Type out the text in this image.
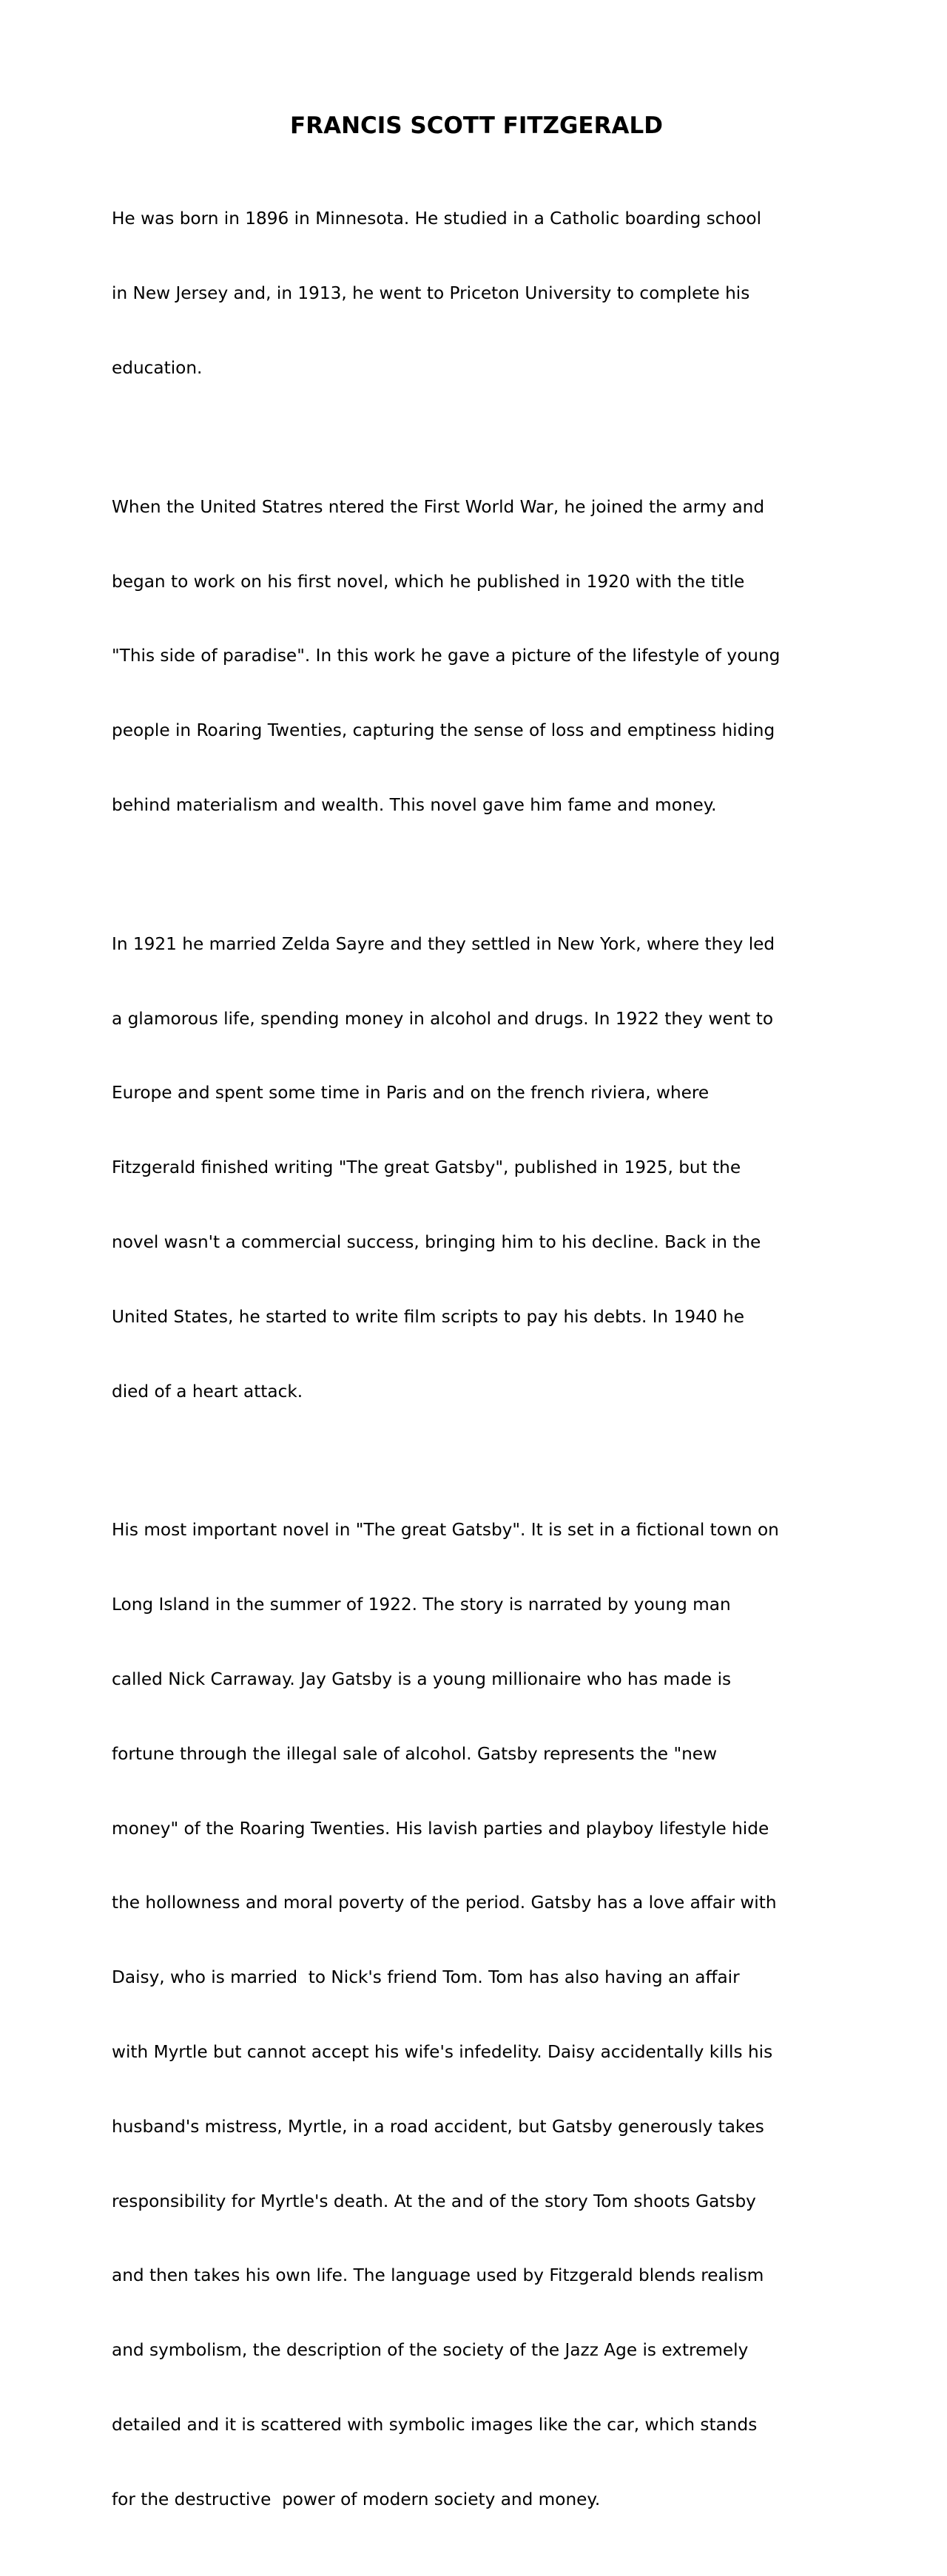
FRANCIS SCOTT FITZGERALD

He was born in 1896 in Minnesota. He studied in a Catholic boarding school

in New Jersey and, in 1913, he went to Priceton University to complete his

education.

When the United Statres ntered the First World War, he joined the army and

began to work on his first novel, which he published in 1920 with the title

"This side of paradise". In this work he gave a picture of the lifestyle of young

people in Roaring Twenties, capturing the sense of loss and emptiness hiding

behind materialism and wealth. This novel gave him fame and money.

In 1921 he married Zelda Sayre and they settled in New York, where they led

a glamorous life, spending money in alcohol and drugs. In 1922 they went to

Europe and spent some time in Paris and on the french riviera, where

Fitzgerald finished writing "The great Gatsby", published in 1925, but the

novel wasn't a commercial success, bringing him to his decline. Back in the

United States, he started to write film scripts to pay his debts. In 1940 he

died of a heart attack.

His most important novel in "The great Gatsby". It is set in a fictional town on

Long Island in the summer of 1922. The story is narrated by young man

called Nick Carraway. Jay Gatsby is a young millionaire who has made is

fortune through the illegal sale of alcohol. Gatsby represents the "new

money" of the Roaring Twenties. His lavish parties and playboy lifestyle hide

the hollowness and moral poverty of the period. Gatsby has a love affair with

Daisy, who is married  to Nick's friend Tom. Tom has also having an affair

with Myrtle but cannot accept his wife's infedelity. Daisy accidentally kills his

husband's mistress, Myrtle, in a road accident, but Gatsby generously takes

responsibility for Myrtle's death. At the and of the story Tom shoots Gatsby

and then takes his own life. The language used by Fitzgerald blends realism

and symbolism, the description of the society of the Jazz Age is extremely

detailed and it is scattered with symbolic images like the car, which stands

for the destructive  power of modern society and money.
